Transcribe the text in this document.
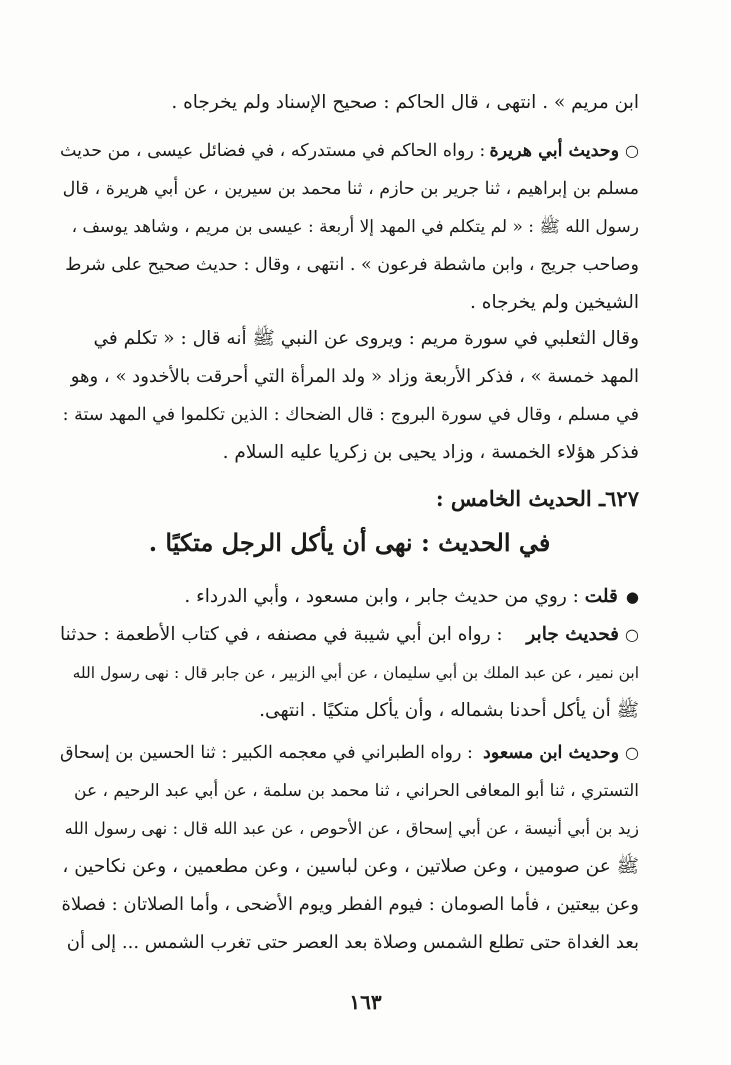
ابن مريم » . انتهى ، قال الحاكم : صحيح الإسناد ولم يخرجاه .
○وحديث أبي هريرة
: رواه الحاكم في مستدركه ، في فضائل عيسى ، من حديث
مسلم بن إبراهيم ، ثنا جرير بن حازم ، ثنا محمد بن سيرين ، عن أبي هريرة ، قال
رسول الله ﷺ : « لم يتكلم في المهد إلا أربعة : عيسى بن مريم ، وشاهد يوسف ،
وصاحب جريج ، وابن ماشطة فرعون » . انتهى ، وقال : حديث صحيح على شرط
الشيخين ولم يخرجاه .
وقال الثعلبي في سورة مريم : ويروى عن النبي ﷺ أنه قال : « تكلم في
المهد خمسة » ، فذكر الأربعة وزاد « ولد المرأة التي أحرقت بالأخدود » ، وهو
في مسلم ، وقال في سورة البروج : قال الضحاك : الذين تكلموا في المهد ستة :
فذكر هؤلاء الخمسة ، وزاد يحيى بن زكريا عليه السلام .
٦٢٧ـ الحديث الخامس :
في الحديث : نهى أن يأكل الرجل متكيًا .
●
قلت

: روي من حديث جابر ، وابن مسعود ، وأبي الدرداء .
○فحديث جابر
: رواه ابن أبي شيبة في مصنفه ، في كتاب الأطعمة : حدثنا
ابن نمير ، عن عبد الملك بن أبي سليمان ، عن أبي الزبير ، عن جابر قال : نهى رسول الله
ﷺ أن يأكل أحدنا بشماله ، وأن يأكل متكيًا . انتهى.
○وحديث ابن مسعود
: رواه الطبراني في معجمه الكبير : ثنا الحسين بن إسحاق
التستري ، ثنا أبو المعافى الحراني ، ثنا محمد بن سلمة ، عن أبي عبد الرحيم ، عن
زيد بن أبي أنيسة ، عن أبي إسحاق ، عن الأحوص ، عن عبد الله قال : نهى رسول الله
ﷺ عن صومين ، وعن صلاتين ، وعن لباسين ، وعن مطعمين ، وعن نكاحين ،
وعن بيعتين ، فأما الصومان : فيوم الفطر ويوم الأضحى ، وأما الصلاتان : فصلاة
بعد الغداة حتى تطلع الشمس وصلاة بعد العصر حتى تغرب الشمس ... إلى أن
١٦٣
